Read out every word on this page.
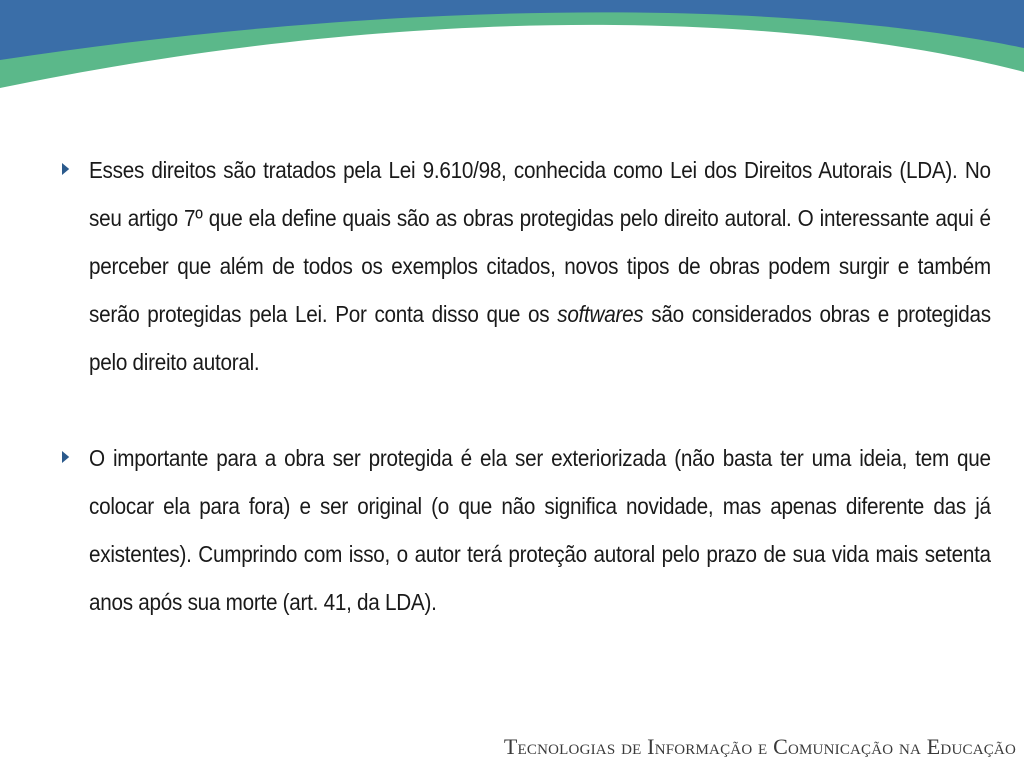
Esses direitos são tratados pela Lei 9.610/98, conhecida como Lei dos Direitos Autorais (LDA). No seu artigo 7º que ela define quais são as obras protegidas pelo direito autoral. O interessante aqui é perceber que além de todos os exemplos citados, novos tipos de obras podem surgir e também serão protegidas pela Lei. Por conta disso que os softwares são considerados obras e protegidas pelo direito autoral.
O importante para a obra ser protegida é ela ser exteriorizada (não basta ter uma ideia, tem que colocar ela para fora) e ser original (o que não significa novidade, mas apenas diferente das já existentes). Cumprindo com isso, o autor terá proteção autoral pelo prazo de sua vida mais setenta anos após sua morte (art. 41, da LDA).
Tecnologias de Informação e Comunicação na Educação
